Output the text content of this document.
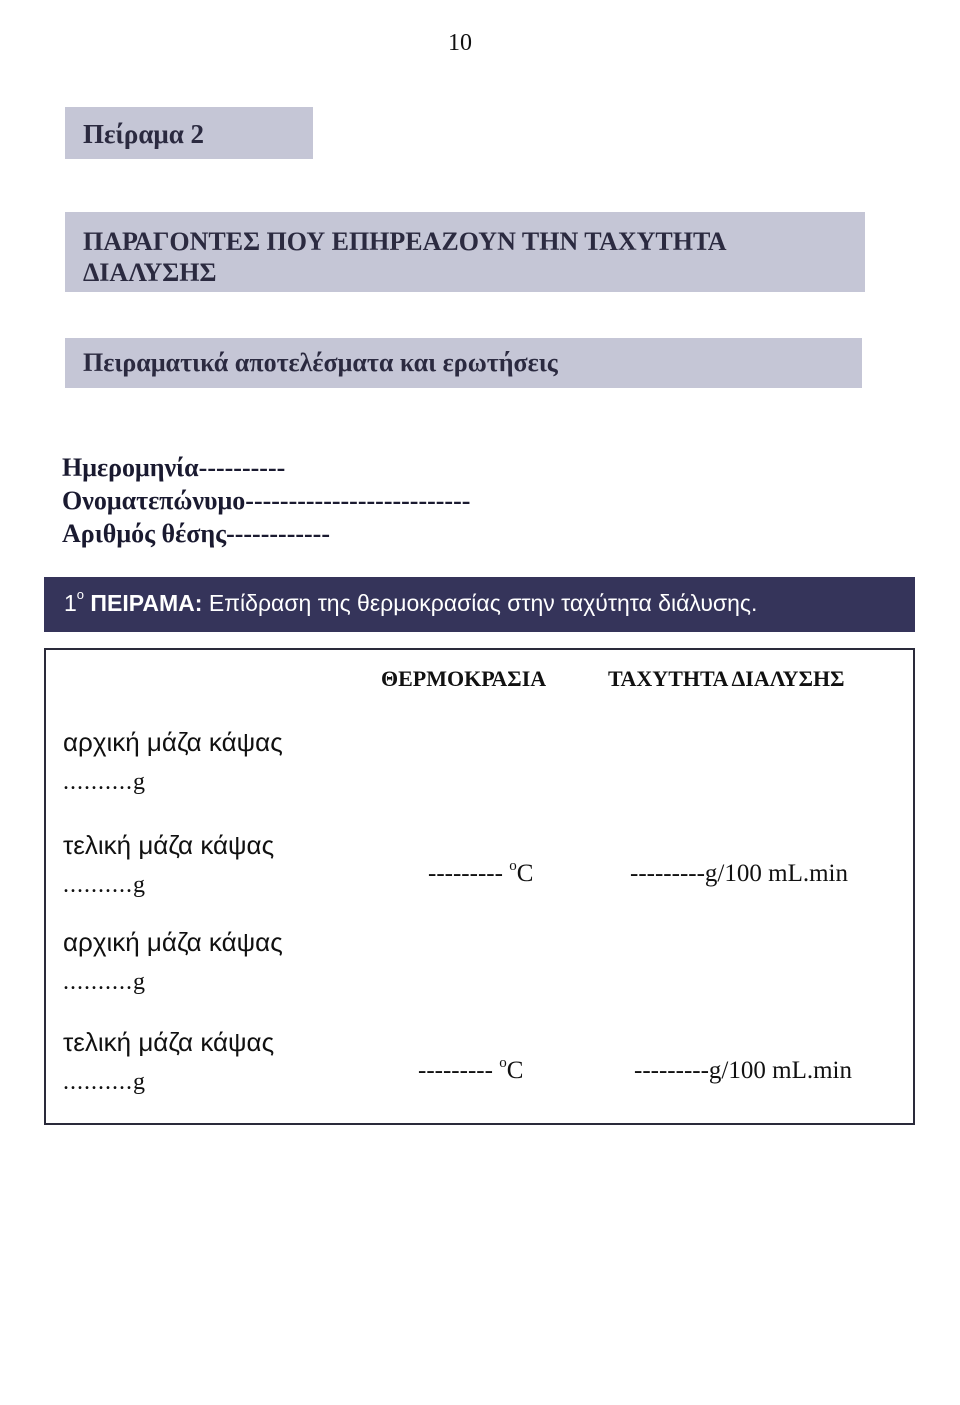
10
Πείραμα 2
ΠΑΡΑΓΟΝΤΕΣ ΠΟΥ ΕΠΗΡΕΑΖΟΥΝ ΤΗΝ ΤΑΧΥΤΗΤΑ
ΔΙΑΛΥΣΗΣ
Πειραματικά αποτελέσματα και ερωτήσεις
Ημερομηνία----------
Ονοματεπώνυμο--------------------------
Αριθμός θέσης------------
1$^o$ ΠΕΙΡΑΜΑ: Επίδραση της θερμοκρασίας στην ταχύτητα διάλυσης.
ΘΕΡΜΟΚΡΑΣΙΑ	ΤΑΧΥΤΗΤΑ ΔΙΑΛΥΣΗΣ
αρχική μάζα κάψας
..........g
τελική μάζα κάψας
..........g	--------- $^o$C	---------g/100 mL.min
αρχική μάζα κάψας
..........g
τελική μάζα κάψας
..........g	--------- $^o$C	---------g/100 mL.min
